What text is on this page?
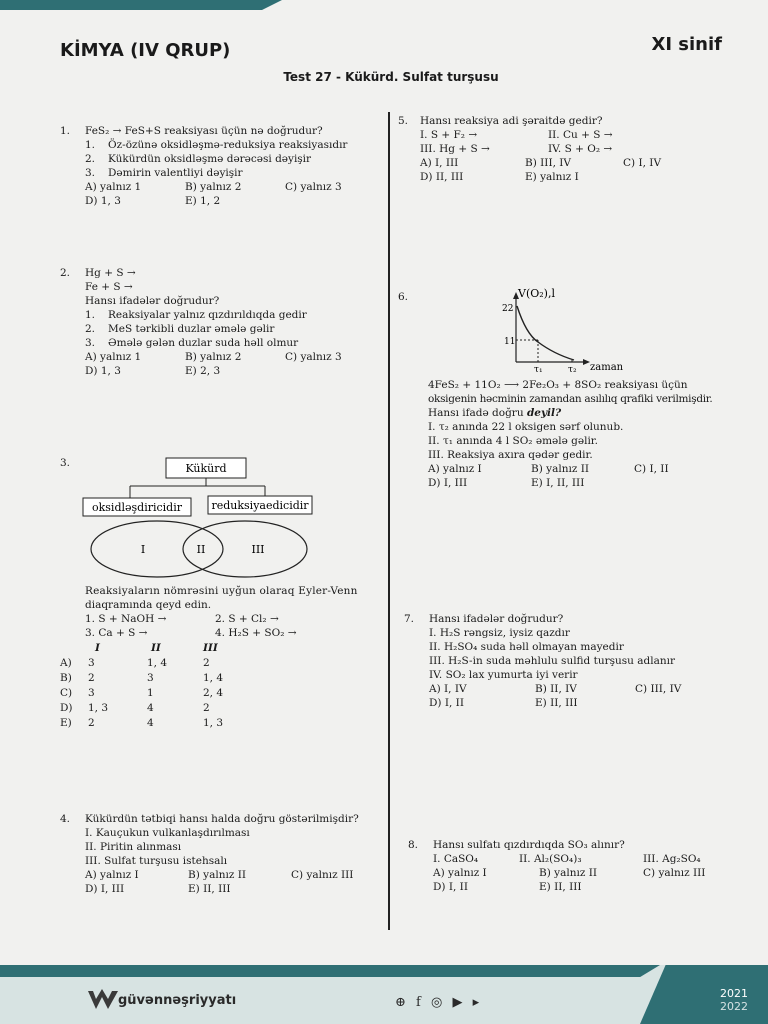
KİMYA (IV QRUP)	XI sinif
Test 27 - Kükürd. Sulfat turşusu
1. FeS₂ → FeS+S reaksiyası üçün nə doğrudur?
1.	Öz-özünə oksidləşmə-reduksiya reaksiyasıdır
2.	Kükürdün oksidləşmə dərəcəsi dəyişir
3.	Dəmirin valentliyi dəyişir
A) yalnız 1	B) yalnız 2	C) yalnız 3
D) 1, 3	E) 1, 2
2. Hg + S →
Fe + S →
Hansı ifadələr doğrudur?
1.	Reaksiyalar yalnız qızdırıldıqda gedir
2.	MeS tərkibli duzlar əmələ gəlir
3.	Əmələ gələn duzlar suda həll olmur
A) yalnız 1	B) yalnız 2	C) yalnız 3
D) 1, 3	E) 2, 3
3.	Kükürd
oksidləşdiricidir	reduksiyaedicidir
I	II	III
Reaksiyaların nömrəsini uyğun olaraq Eyler-Venn
diaqramında qeyd edin.
1. S + NaOH →	2. S + Cl₂ →
3. Ca + S →	4. H₂S + SO₂ →
	I	II	III
A)	3	1, 4	2
B)	2	3	1, 4
C)	3	1	2, 4
D)	1, 3	4	2
E)	2	4	1, 3
4. Kükürdün tətbiqi hansı halda doğru göstərilmişdir?
I. Kauçukun vulkanlaşdırılması
II. Piritin alınması
III. Sulfat turşusu istehsalı
A) yalnız I	B) yalnız II	C) yalnız III
D) I, III	E) II, III
5. Hansı reaksiya adi şəraitdə gedir?
I. S + F₂ →	II. Cu + S →
III. Hg + S →	IV. S + O₂ →
A) I, III	B) III, IV	C) I, IV
D) II, III	E) yalnız I
6.	V(O₂),l
zaman
22
11
τ₁	τ₂
4FeS₂ + 11O₂ ⟶ 2Fe₂O₃ + 8SO₂ reaksiyası üçün
oksigenin həcminin zamandan asılılıq qrafiki verilmişdir.
Hansı ifadə doğru deyil?
I. τ₂ anında 22 l oksigen sərf olunub.
II. τ₁ anında 4 l SO₂ əmələ gəlir.
III. Reaksiya axıra qədər gedir.
A) yalnız I	B) yalnız II	C) I, II
D) I, III	E) I, II, III
7. Hansı ifadələr doğrudur?
I. H₂S rəngsiz, iysiz qazdır
II. H₂SO₄ suda həll olmayan mayedir
III. H₂S-in suda məhlulu sulfid turşusu adlanır
IV. SO₂ lax yumurta iyi verir
A) I, IV	B) II, IV	C) III, IV
D) I, II	E) II, III
8. Hansı sulfatı qızdırdıqda SO₃ alınır?
I. CaSO₄	II. Al₂(SO₄)₃	III. Ag₂SO₄
A) yalnız I	B) yalnız II	C) yalnız III
D) I, II	E) II, III
güvənnəşriyyatı	⊕ f ◎ ▶ ▸
2021
2022
